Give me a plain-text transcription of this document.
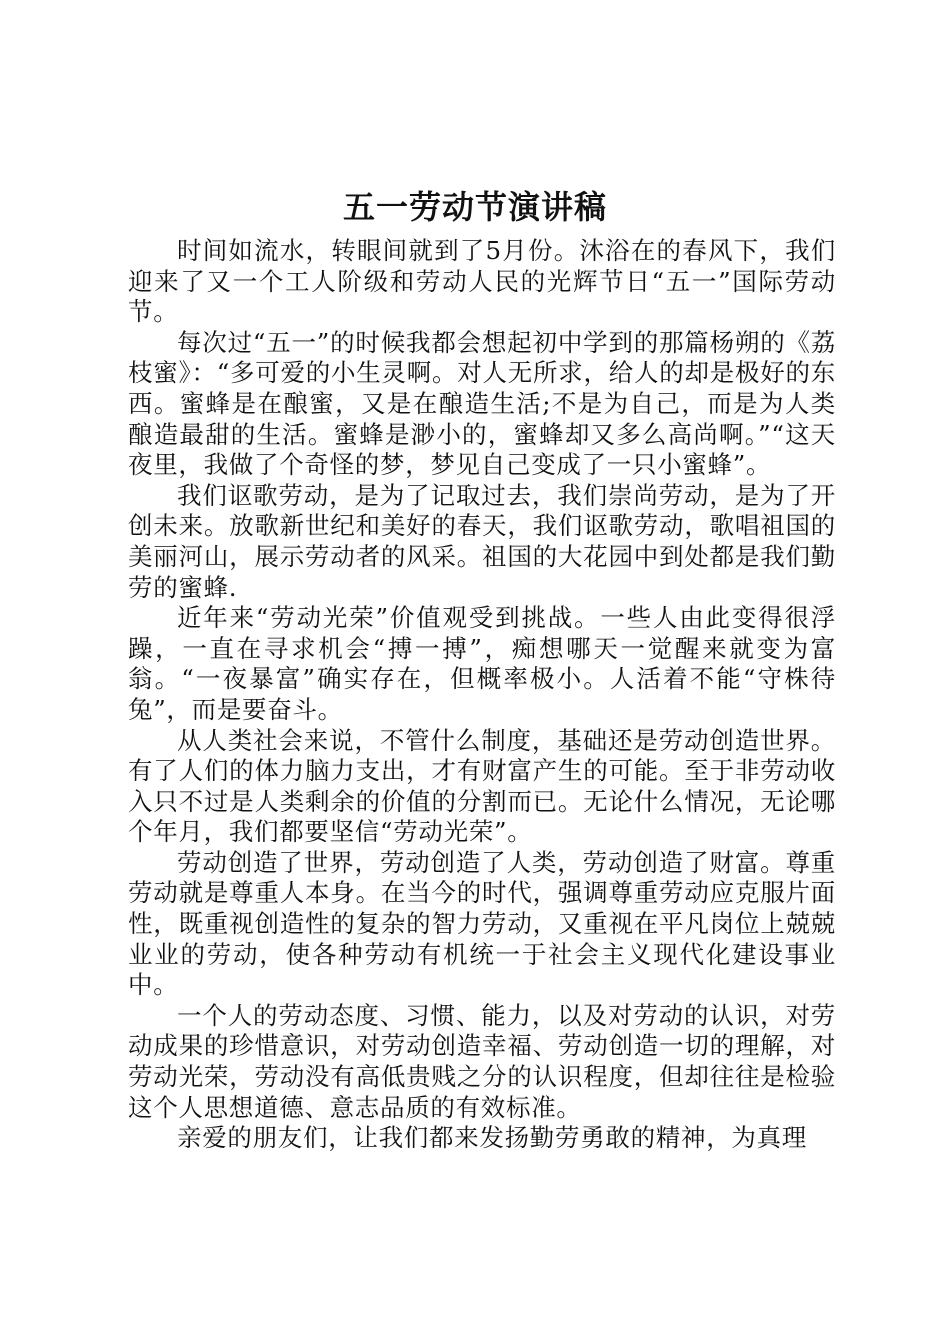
五一劳动节演讲稿

时间如流水，转眼间就到了5月份。沐浴在的春风下，我们迎来了又一个工人阶级和劳动人民的光辉节日“五一”国际劳动节。

每次过“五一”的时候我都会想起初中学到的那篇杨朔的《荔枝蜜》：“多可爱的小生灵啊。对人无所求，给人的却是极好的东西。蜜蜂是在酿蜜，又是在酿造生活;不是为自己，而是为人类酿造最甜的生活。蜜蜂是渺小的，蜜蜂却又多么高尚啊。”“这天夜里，我做了个奇怪的梦，梦见自己变成了一只小蜜蜂”。

我们讴歌劳动，是为了记取过去，我们崇尚劳动，是为了开创未来。放歌新世纪和美好的春天，我们讴歌劳动，歌唱祖国的美丽河山，展示劳动者的风采。祖国的大花园中到处都是我们勤劳的蜜蜂.

近年来“劳动光荣”价值观受到挑战。一些人由此变得很浮躁，一直在寻求机会“搏一搏”，痴想哪天一觉醒来就变为富翁。“一夜暴富”确实存在，但概率极小。人活着不能“守株待兔”，而是要奋斗。

从人类社会来说，不管什么制度，基础还是劳动创造世界。有了人们的体力脑力支出，才有财富产生的可能。至于非劳动收入只不过是人类剩余的价值的分割而已。无论什么情况，无论哪个年月，我们都要坚信“劳动光荣”。

劳动创造了世界，劳动创造了人类，劳动创造了财富。尊重劳动就是尊重人本身。在当今的时代，强调尊重劳动应克服片面性，既重视创造性的复杂的智力劳动，又重视在平凡岗位上兢兢业业的劳动，使各种劳动有机统一于社会主义现代化建设事业中。

一个人的劳动态度、习惯、能力，以及对劳动的认识，对劳动成果的珍惜意识，对劳动创造幸福、劳动创造一切的理解，对劳动光荣，劳动没有高低贵贱之分的认识程度，但却往往是检验这个人思想道德、意志品质的有效标准。

亲爱的朋友们，让我们都来发扬勤劳勇敢的精神，为真理
